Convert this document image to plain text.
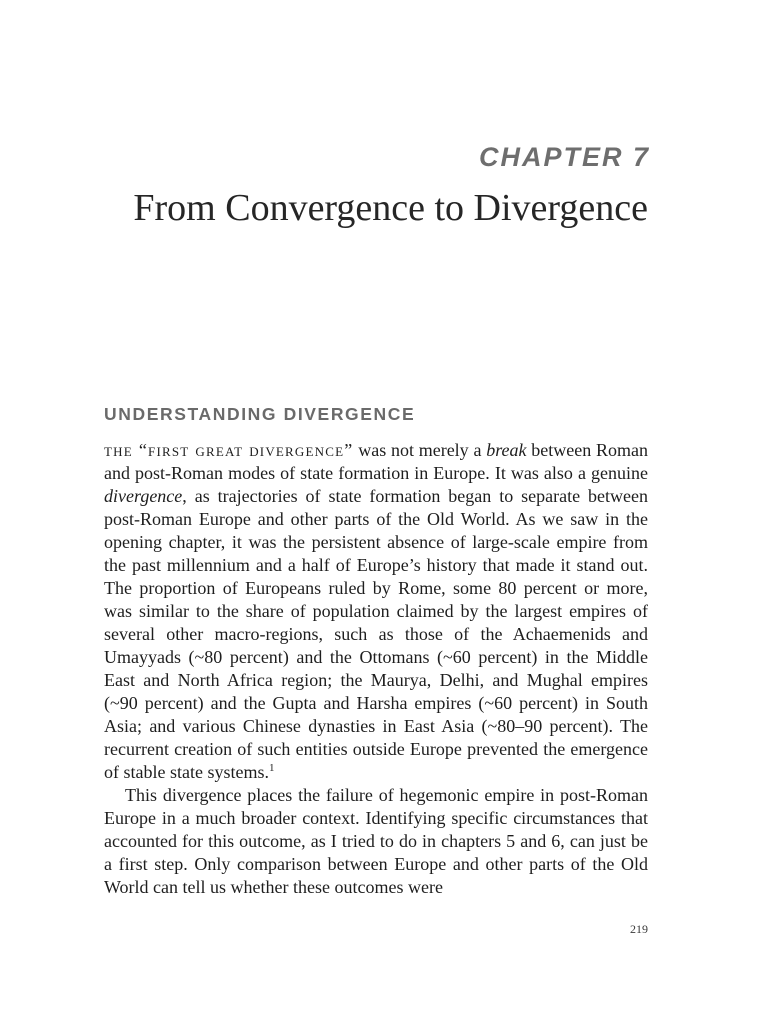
CHAPTER 7
From Convergence to Divergence
UNDERSTANDING DIVERGENCE

the “first great divergence” was not merely a break between Roman and post-Roman modes of state formation in Europe. It was also a genuine divergence, as trajectories of state formation began to separate between post-Roman Europe and other parts of the Old World. As we saw in the opening chapter, it was the persistent absence of large-scale empire from the past millennium and a half of Europe’s history that made it stand out. The proportion of Europeans ruled by Rome, some 80 percent or more, was similar to the share of population claimed by the largest empires of several other macro-regions, such as those of the Achaemenids and Umayyads (~80 percent) and the Ottomans (~60 percent) in the Middle East and North Africa region; the Maurya, Delhi, and Mughal empires (~90 percent) and the Gupta and Harsha empires (~60 percent) in South Asia; and various Chinese dynasties in East Asia (~80–90 percent). The recurrent creation of such entities outside Europe prevented the emergence of stable state systems.$^1$

This divergence places the failure of hegemonic empire in post-Roman Europe in a much broader context. Identifying specific circumstances that accounted for this outcome, as I tried to do in chapters 5 and 6, can just be a first step. Only comparison between Europe and other parts of the Old World can tell us whether these outcomes were

219
